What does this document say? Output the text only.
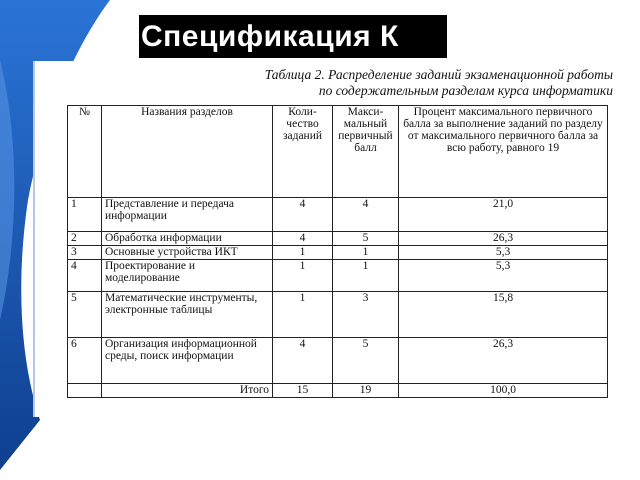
Спецификация К
Таблица 2. Распределение заданий экзаменационной работы
по содержательным разделам курса информатики
№	Названия разделов	Коли-чество заданий	Макси-мальный первичный балл	Процент максимального первичного балла за выполнение заданий по разделу от максимального первичного балла за всю работу, равного 19
1	Представление и передача информации	4	4	21,0
2	Обработка информации	4	5	26,3
3	Основные устройства ИКТ	1	1	5,3
4	Проектирование и моделирование	1	1	5,3
5	Математические инструменты, электронные таблицы	1	3	15,8
6	Организация информационной среды, поиск информации	4	5	26,3
	Итого	15	19	100,0
